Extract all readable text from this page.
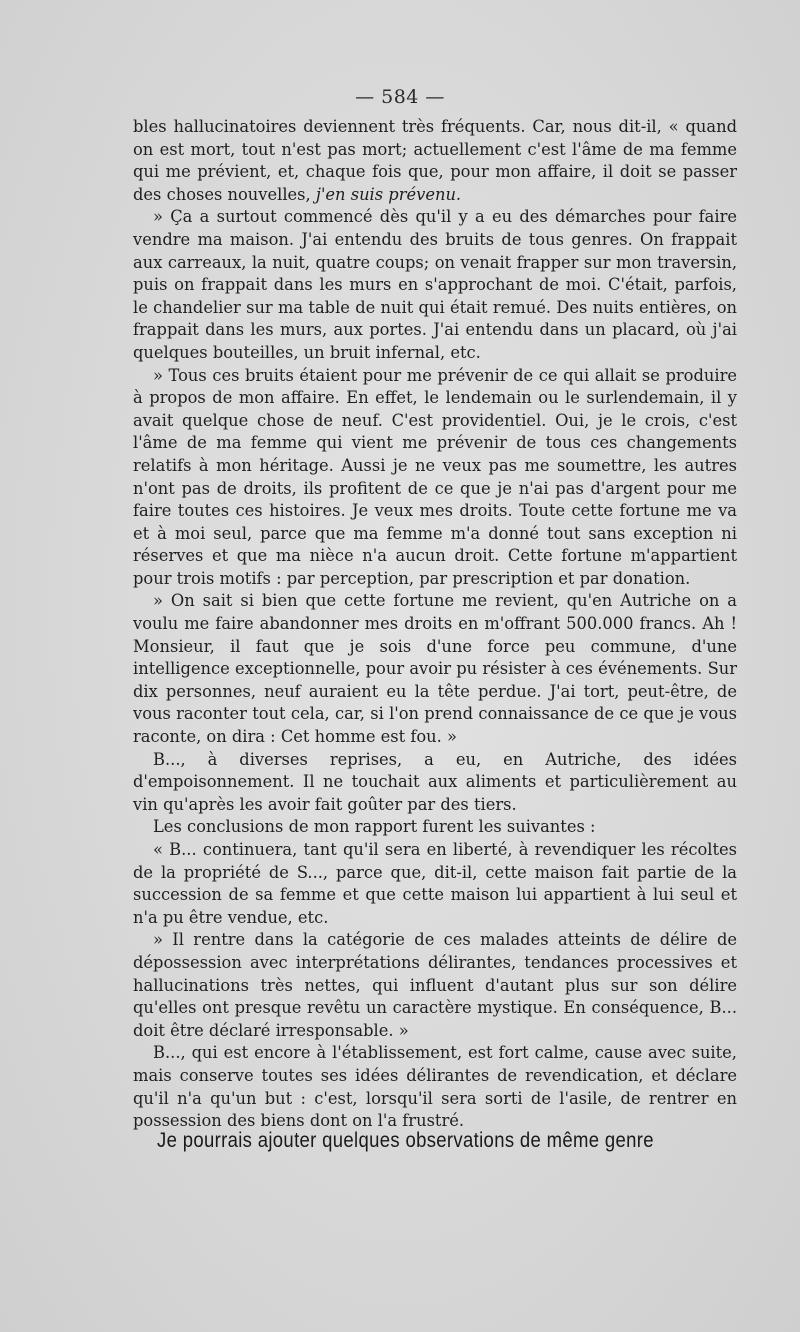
— 584 —

bles hallucinatoires deviennent très fréquents. Car, nous dit-il, « quand on est mort, tout n'est pas mort; actuellement c'est l'âme de ma femme qui me prévient, et, chaque fois que, pour mon affaire, il doit se passer des choses nouvelles, j'en suis prévenu.

» Ça a surtout commencé dès qu'il y a eu des démarches pour faire vendre ma maison. J'ai entendu des bruits de tous genres. On frappait aux carreaux, la nuit, quatre coups; on venait frapper sur mon traversin, puis on frappait dans les murs en s'approchant de moi. C'était, parfois, le chandelier sur ma table de nuit qui était remué. Des nuits entières, on frappait dans les murs, aux portes. J'ai entendu dans un placard, où j'ai quelques bouteilles, un bruit infernal, etc.

» Tous ces bruits étaient pour me prévenir de ce qui allait se produire à propos de mon affaire. En effet, le lendemain ou le surlendemain, il y avait quelque chose de neuf. C'est providentiel. Oui, je le crois, c'est l'âme de ma femme qui vient me prévenir de tous ces changements relatifs à mon héritage. Aussi je ne veux pas me soumettre, les autres n'ont pas de droits, ils profitent de ce que je n'ai pas d'argent pour me faire toutes ces histoires. Je veux mes droits. Toute cette fortune me va et à moi seul, parce que ma femme m'a donné tout sans exception ni réserves et que ma nièce n'a aucun droit. Cette fortune m'appartient pour trois motifs : par perception, par prescription et par donation.

» On sait si bien que cette fortune me revient, qu'en Autriche on a voulu me faire abandonner mes droits en m'offrant 500.000 francs. Ah ! Monsieur, il faut que je sois d'une force peu commune, d'une intelligence exceptionnelle, pour avoir pu résister à ces événements. Sur dix personnes, neuf auraient eu la tête perdue. J'ai tort, peut-être, de vous raconter tout cela, car, si l'on prend connaissance de ce que je vous raconte, on dira : Cet homme est fou. »

B..., à diverses reprises, a eu, en Autriche, des idées d'empoisonnement. Il ne touchait aux aliments et particulièrement au vin qu'après les avoir fait goûter par des tiers.

Les conclusions de mon rapport furent les suivantes :

« B... continuera, tant qu'il sera en liberté, à revendiquer les récoltes de la propriété de S..., parce que, dit-il, cette maison fait partie de la succession de sa femme et que cette maison lui appartient à lui seul et n'a pu être vendue, etc.

» Il rentre dans la catégorie de ces malades atteints de délire de dépossession avec interprétations délirantes, tendances processives et hallucinations très nettes, qui influent d'autant plus sur son délire qu'elles ont presque revêtu un caractère mystique. En conséquence, B... doit être déclaré irresponsable. »

B..., qui est encore à l'établissement, est fort calme, cause avec suite, mais conserve toutes ses idées délirantes de revendication, et déclare qu'il n'a qu'un but : c'est, lorsqu'il sera sorti de l'asile, de rentrer en possession des biens dont on l'a frustré.

Je pourrais ajouter quelques observations de même genre
